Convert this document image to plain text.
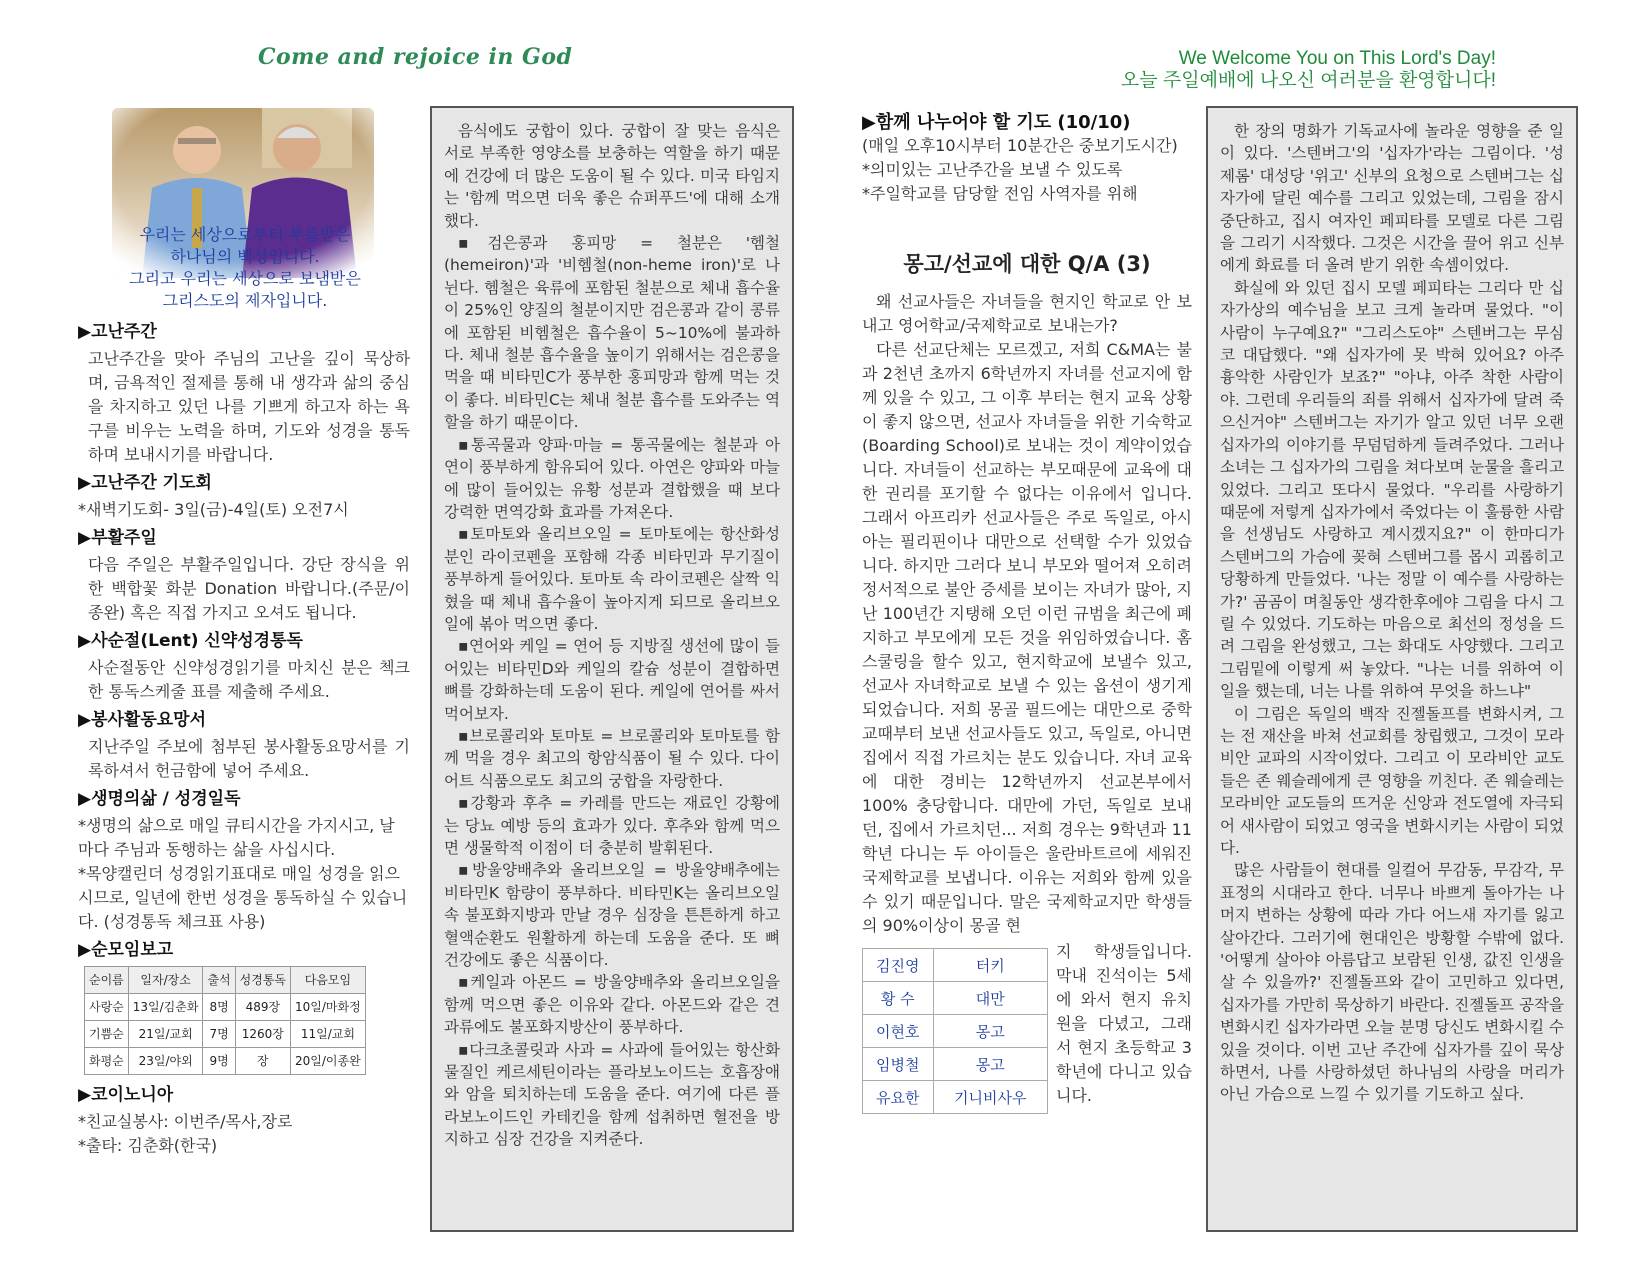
Come and rejoice in God	We Welcome You on This Lord's Day!
오늘 주일예배에 나오신 여러분을 환영합니다!
우리는 세상으로부터 부름받은
하나님의 백성입니다.
그리고 우리는 세상으로 보냄받은
그리스도의 제자입니다.
▶고난주간
고난주간을 맞아 주님의 고난을 깊이 묵상하며, 금욕적인 절제를 통해 내 생각과 삶의 중심을 차지하고 있던 나를 기쁘게 하고자 하는 욕구를 비우는 노력을 하며, 기도와 성경을 통독하며 보내시기를 바랍니다.
▶고난주간 기도회
*새벽기도회- 3일(금)-4일(토) 오전7시
▶부활주일
다음 주일은 부활주일입니다. 강단 장식을 위한 백합꽃 화분 Donation 바랍니다.(주문/이종완) 혹은 직접 가지고 오셔도 됩니다.
▶사순절(Lent) 신약성경통독
사순절동안 신약성경읽기를 마치신 분은 첵크한 통독스케줄 표를 제출해 주세요.
▶봉사활동요망서
지난주일 주보에 첨부된 봉사활동요망서를 기록하셔서 헌금함에 넣어 주세요.
▶생명의삶 / 성경일독
*생명의 삶으로 매일 큐티시간을 가지시고, 날마다 주님과 동행하는 삶을 사십시다.
*목양캘린더 성경읽기표대로 매일 성경을 읽으시므로, 일년에 한번 성경을 통독하실 수 있습니다. (성경통독 체크표 사용)
▶순모임보고
순이름	일자/장소	출석	성경통독	다음모임
사랑순	13일/김춘화	8명	489장	10일/마화정
기쁨순	21일/교회	7명	1260장	11일/교회
화평순	23일/야외	9명	장	20일/이종완
▶코이노니아
*친교실봉사: 이번주/목사,장로
*출타: 김춘화(한국)

음식에도 궁합이 있다. 궁합이 잘 맞는 음식은 서로 부족한 영양소를 보충하는 역할을 하기 때문에 건강에 더 많은 도움이 될 수 있다. 미국 타임지는 '함께 먹으면 더욱 좋은 슈퍼푸드'에 대해 소개했다.

▪검은콩과 홍피망 = 철분은 '헴철(hemeiron)'과 '비헴철(non-heme iron)'로 나뉜다. 헴철은 육류에 포함된 철분으로 체내 흡수율이 25%인 양질의 철분이지만 검은콩과 같이 콩류에 포함된 비헴철은 흡수율이 5~10%에 불과하다. 체내 철분 흡수율을 높이기 위해서는 검은콩을 먹을 때 비타민C가 풍부한 홍피망과 함께 먹는 것이 좋다. 비타민C는 체내 철분 흡수를 도와주는 역할을 하기 때문이다.

▪통곡물과 양파·마늘 = 통곡물에는 철분과 아연이 풍부하게 함유되어 있다. 아연은 양파와 마늘에 많이 들어있는 유황 성분과 결합했을 때 보다 강력한 면역강화 효과를 가져온다.

▪토마토와 올리브오일 = 토마토에는 항산화성분인 라이코펜을 포함해 각종 비타민과 무기질이 풍부하게 들어있다. 토마토 속 라이코펜은 살짝 익혔을 때 체내 흡수율이 높아지게 되므로 올리브오일에 볶아 먹으면 좋다.

▪연어와 케일 = 연어 등 지방질 생선에 많이 들어있는 비타민D와 케일의 칼슘 성분이 결합하면 뼈를 강화하는데 도움이 된다. 케일에 연어를 싸서 먹어보자.

▪브로콜리와 토마토 = 브로콜리와 토마토를 함께 먹을 경우 최고의 항암식품이 될 수 있다. 다이어트 식품으로도 최고의 궁합을 자랑한다.

▪강황과 후추 = 카레를 만드는 재료인 강황에는 당뇨 예방 등의 효과가 있다. 후추와 함께 먹으면 생물학적 이점이 더 충분히 발휘된다.

▪방울양배추와 올리브오일 = 방울양배추에는 비타민K 함량이 풍부하다. 비타민K는 올리브오일 속 불포화지방과 만날 경우 심장을 튼튼하게 하고 혈액순환도 원활하게 하는데 도움을 준다. 또 뼈 건강에도 좋은 식품이다.

▪케일과 아몬드 = 방울양배추와 올리브오일을 함께 먹으면 좋은 이유와 같다. 아몬드와 같은 견과류에도 불포화지방산이 풍부하다.

▪다크초콜릿과 사과 = 사과에 들어있는 항산화물질인 케르세틴이라는 플라보노이드는 호흡장애와 암을 퇴치하는데 도움을 준다. 여기에 다른 플라보노이드인 카테킨을 함께 섭취하면 혈전을 방지하고 심장 건강을 지켜준다.

▶함께 나누어야 할 기도 (10/10)
(매일 오후10시부터 10분간은 중보기도시간)
*의미있는 고난주간을 보낼 수 있도록
*주일학교를 담당할 전임 사역자를 위해
몽고/선교에 대한 Q/A (3)

왜 선교사들은 자녀들을 현지인 학교로 안 보내고 영어학교/국제학교로 보내는가?

다른 선교단체는 모르겠고, 저희 C&MA는 불과 2천년 초까지 6학년까지 자녀를 선교지에 함께 있을 수 있고, 그 이후 부터는 현지 교육 상황이 좋지 않으면, 선교사 자녀들을 위한 기숙학교(Boarding School)로 보내는 것이 계약이었습니다. 자녀들이 선교하는 부모때문에 교육에 대한 권리를 포기할 수 없다는 이유에서 입니다. 그래서 아프리카 선교사들은 주로 독일로, 아시아는 필리핀이나 대만으로 선택할 수가 있었습니다. 하지만 그러다 보니 부모와 떨어져 오히려 정서적으로 불안 증세를 보이는 자녀가 많아, 지난 100년간 지탱해 오던 이런 규범을 최근에 폐지하고 부모에게 모든 것을 위임하였습니다. 홈스쿨링을 할수 있고, 현지학교에 보낼수 있고, 선교사 자녀학교로 보낼 수 있는 옵션이 생기게 되었습니다. 저희 몽골 필드에는 대만으로 중학교때부터 보낸 선교사들도 있고, 독일로, 아니면 집에서 직접 가르치는 분도 있습니다. 자녀 교육에 대한 경비는 12학년까지 선교본부에서100% 충당합니다. 대만에 가던, 독일로 보내던, 집에서 가르치던... 저희 경우는 9학년과 11학년 다니는 두 아이들은 울란바트르에 세워진 국제학교를 보냅니다. 이유는 저희와 함께 있을 수 있기 때문입니다. 말은 국제학교지만 학생들의 90%이상이 몽골 현

김진영	터키
황 수	대만
이현호	몽고
임병철	몽고
유요한	기니비사우
지 학생들입니다. 막내 진석이는 5세에 와서 현지 유치원을 다녔고, 그래서 현지 초등학교 3학년에 다니고 있습니다.

한 장의 명화가 기독교사에 놀라운 영향을 준 일이 있다. '스텐버그'의 '십자가'라는 그림이다. '성 제롬' 대성당 '위고' 신부의 요청으로 스텐버그는 십자가에 달린 예수를 그리고 있었는데, 그림을 잠시 중단하고, 집시 여자인 페피타를 모델로 다른 그림을 그리기 시작했다. 그것은 시간을 끌어 위고 신부에게 화료를 더 올려 받기 위한 속셈이었다.

화실에 와 있던 집시 모델 페피타는 그리다 만 십자가상의 예수님을 보고 크게 놀라며 물었다. "이 사람이 누구예요?" "그리스도야" 스텐버그는 무심코 대답했다. "왜 십자가에 못 박혀 있어요? 아주 흉악한 사람인가 보죠?" "아냐, 아주 착한 사람이야. 그런데 우리들의 죄를 위해서 십자가에 달려 죽으신거야" 스텐버그는 자기가 알고 있던 너무 오랜 십자가의 이야기를 무덤덤하게 들려주었다. 그러나 소녀는 그 십자가의 그림을 쳐다보며 눈물을 흘리고 있었다. 그리고 또다시 물었다. "우리를 사랑하기 때문에 저렇게 십자가에서 죽었다는 이 훌륭한 사람을 선생님도 사랑하고 계시겠지요?" 이 한마디가 스텐버그의 가슴에 꽂혀 스텐버그를 몹시 괴롭히고 당황하게 만들었다. '나는 정말 이 예수를 사랑하는가?' 곰곰이 며칠동안 생각한후에야 그림을 다시 그릴 수 있었다. 기도하는 마음으로 최선의 정성을 드려 그림을 완성했고, 그는 화대도 사양했다. 그리고 그림밑에 이렇게 써 놓았다. "나는 너를 위하여 이 일을 했는데, 너는 나를 위하여 무엇을 하느냐"

이 그림은 독일의 백작 진젤돌프를 변화시켜, 그는 전 재산을 바쳐 선교회를 창립했고, 그것이 모라비안 교파의 시작이었다. 그리고 이 모라비안 교도들은 존 웨슬레에게 큰 영향을 끼친다. 존 웨슬레는 모라비안 교도들의 뜨거운 신앙과 전도열에 자극되어 새사람이 되었고 영국을 변화시키는 사람이 되었다.

많은 사람들이 현대를 일컬어 무감동, 무감각, 무표정의 시대라고 한다. 너무나 바쁘게 돌아가는 나머지 변하는 상황에 따라 가다 어느새 자기를 잃고 살아간다. 그러기에 현대인은 방황할 수밖에 없다. '어떻게 살아야 아름답고 보람된 인생, 값진 인생을 살 수 있을까?' 진젤돌프와 같이 고민하고 있다면, 십자가를 가만히 묵상하기 바란다. 진젤돌프 공작을 변화시킨 십자가라면 오늘 분명 당신도 변화시킬 수 있을 것이다. 이번 고난 주간에 십자가를 깊이 묵상하면서, 나를 사랑하셨던 하나님의 사랑을 머리가 아닌 가슴으로 느낄 수 있기를 기도하고 싶다.
